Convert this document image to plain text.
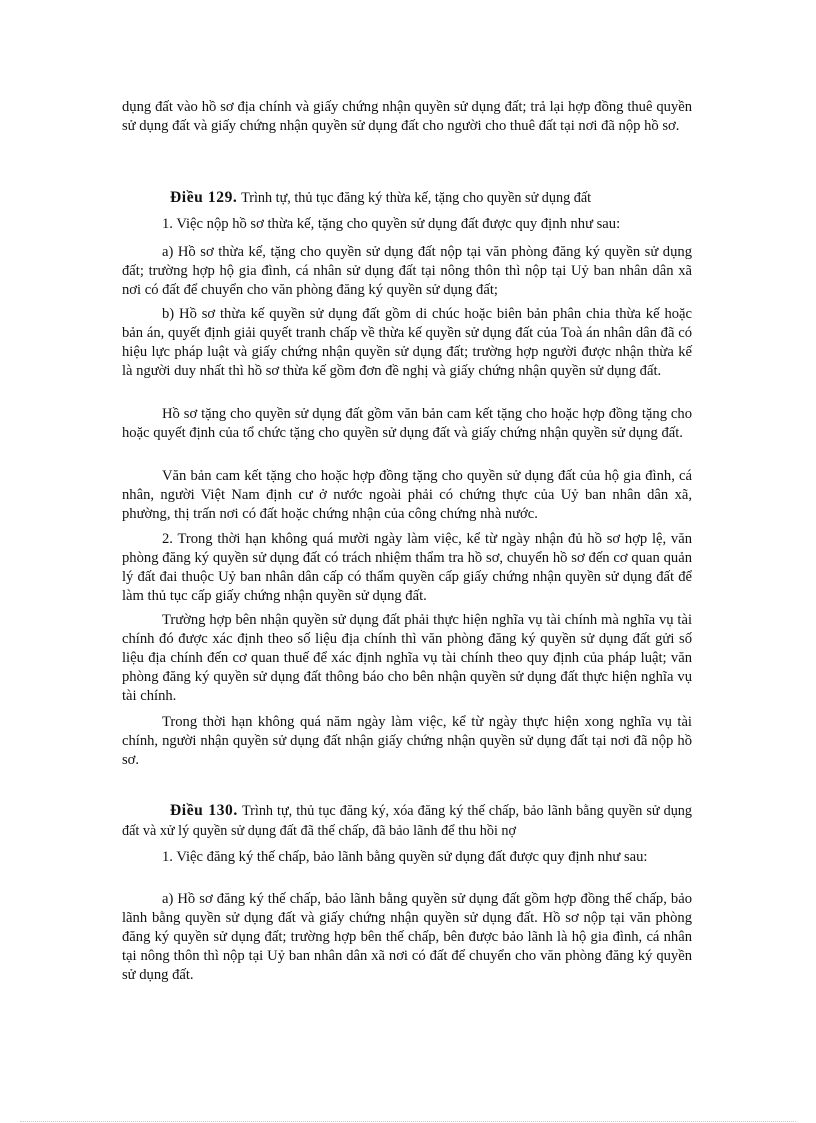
dụng đất vào hồ sơ địa chính và giấy chứng nhận quyền sử dụng đất; trả lại hợp đồng thuê quyền sử dụng đất và giấy chứng nhận quyền sử dụng đất cho người cho thuê đất tại nơi đã nộp hồ sơ.

Điều 129. Trình tự, thủ tục đăng ký thừa kế, tặng cho quyền sử dụng đất

1. Việc nộp hồ sơ thừa kế, tặng cho quyền sử dụng đất được quy định như sau:

a) Hồ sơ thừa kế, tặng cho quyền sử dụng đất nộp tại văn phòng đăng ký quyền sử dụng đất; trường hợp hộ gia đình, cá nhân sử dụng đất tại nông thôn thì nộp tại Uỷ ban nhân dân xã nơi có đất để chuyển cho văn phòng đăng ký quyền sử dụng đất;

b) Hồ sơ thừa kế quyền sử dụng đất gồm di chúc hoặc biên bản phân chia thừa kế hoặc bản án, quyết định giải quyết tranh chấp về thừa kế quyền sử dụng đất của Toà án nhân dân đã có hiệu lực pháp luật và giấy chứng nhận quyền sử dụng đất; trường hợp người được nhận thừa kế là người duy nhất thì hồ sơ thừa kế gồm đơn đề nghị và giấy chứng nhận quyền sử dụng đất.

Hồ sơ tặng cho quyền sử dụng đất gồm văn bản cam kết tặng cho hoặc hợp đồng tặng cho hoặc quyết định của tổ chức tặng cho quyền sử dụng đất và giấy chứng nhận quyền sử dụng đất.

Văn bản cam kết tặng cho hoặc hợp đồng tặng cho quyền sử dụng đất của hộ gia đình, cá nhân, người Việt Nam định cư ở nước ngoài phải có chứng thực của Uỷ ban nhân dân xã, phường, thị trấn nơi có đất hoặc chứng nhận của công chứng nhà nước.

2. Trong thời hạn không quá mười ngày làm việc, kể từ ngày nhận đủ hồ sơ hợp lệ, văn phòng đăng ký quyền sử dụng đất có trách nhiệm thẩm tra hồ sơ, chuyển hồ sơ đến cơ quan quản lý đất đai thuộc Uỷ ban nhân dân cấp có thẩm quyền cấp giấy chứng nhận quyền sử dụng đất để làm thủ tục cấp giấy chứng nhận quyền sử dụng đất.

Trường hợp bên nhận quyền sử dụng đất phải thực hiện nghĩa vụ tài chính mà nghĩa vụ tài chính đó được xác định theo số liệu địa chính thì văn phòng đăng ký quyền sử dụng đất gửi số liệu địa chính đến cơ quan thuế để xác định nghĩa vụ tài chính theo quy định của pháp luật; văn phòng đăng ký quyền sử dụng đất thông báo cho bên nhận quyền sử dụng đất thực hiện nghĩa vụ tài chính.

Trong thời hạn không quá năm ngày làm việc, kể từ ngày thực hiện xong nghĩa vụ tài chính, người nhận quyền sử dụng đất nhận giấy chứng nhận quyền sử dụng đất tại nơi đã nộp hồ sơ.

Điều 130. Trình tự, thủ tục đăng ký, xóa đăng ký thế chấp, bảo lãnh bằng quyền sử dụng đất và xử lý quyền sử dụng đất đã thế chấp, đã bảo lãnh để thu hồi nợ

1. Việc đăng ký thế chấp, bảo lãnh bằng quyền sử dụng đất được quy định như sau:

a) Hồ sơ đăng ký thế chấp, bảo lãnh bằng quyền sử dụng đất gồm hợp đồng thế chấp, bảo lãnh bằng quyền sử dụng đất và giấy chứng nhận quyền sử dụng đất. Hồ sơ nộp tại văn phòng đăng ký quyền sử dụng đất; trường hợp bên thế chấp, bên được bảo lãnh là hộ gia đình, cá nhân tại nông thôn thì nộp tại Uỷ ban nhân dân xã nơi có đất để chuyển cho văn phòng đăng ký quyền sử dụng đất.
